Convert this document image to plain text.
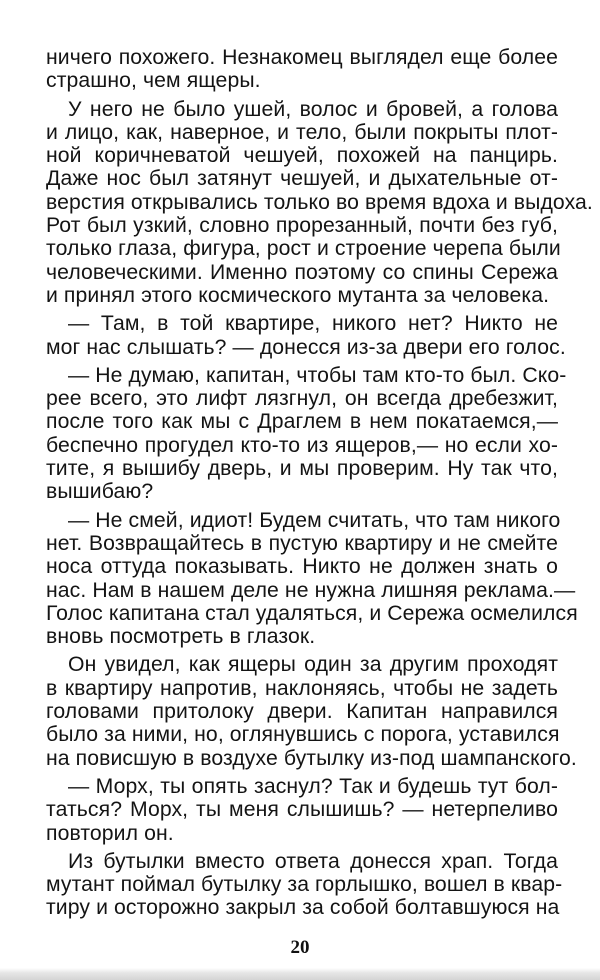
ничего похожего. Незнакомец выглядел еще более
страшно, чем ящеры.
У него не было ушей, волос и бровей, а голова
и лицо, как, наверное, и тело, были покрыты плот-
ной коричневатой чешуей, похожей на панцирь.
Даже нос был затянут чешуей, и дыхательные от-
верстия открывались только во время вдоха и выдоха.
Рот был узкий, словно прорезанный, почти без губ,
только глаза, фигура, рост и строение черепа были
человеческими. Именно поэтому со спины Сережа
и принял этого космического мутанта за человека.
— Там, в той квартире, никого нет? Никто не
мог нас слышать? — донесся из-за двери его голос.
— Не думаю, капитан, чтобы там кто-то был. Ско-
рее всего, это лифт лязгнул, он всегда дребезжит,
после того как мы с Драглем в нем покатаемся,—
беспечно прогудел кто-то из ящеров,— но если хо-
тите, я вышибу дверь, и мы проверим. Ну так что,
вышибаю?
— Не смей, идиот! Будем считать, что там никого
нет. Возвращайтесь в пустую квартиру и не смейте
носа оттуда показывать. Никто не должен знать о
нас. Нам в нашем деле не нужна лишняя реклама.—
Голос капитана стал удаляться, и Сережа осмелился
вновь посмотреть в глазок.
Он увидел, как ящеры один за другим проходят
в квартиру напротив, наклоняясь, чтобы не задеть
головами притолоку двери. Капитан направился
было за ними, но, оглянувшись с порога, уставился
на повисшую в воздухе бутылку из-под шампанского.
— Морх, ты опять заснул? Так и будешь тут бол-
таться? Морх, ты меня слышишь? — нетерпеливо
повторил он.
Из бутылки вместо ответа донесся храп. Тогда
мутант поймал бутылку за горлышко, вошел в квар-
тиру и осторожно закрыл за собой болтавшуюся на
20
